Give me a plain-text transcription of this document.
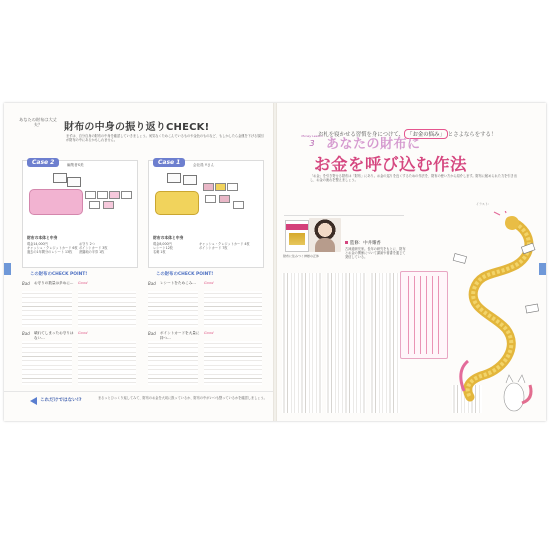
あなたの財布は大丈夫？	財布の中身の振り返りCHECK!
まずは、自分自身の財布の中身を確認していきましょう。何気なくためこんでいるものや金色のものなど、もしかしたら金運を下げる原因が財布の中にあるかもしれません。
Case 2	編集者S美
財布の本体と中身
現金14,000円
キャッシュ・クレジットカード 6枚
過去の1年間分のレシート 13枚
お守り 2つ
ポイントカード 3枚
遊園地の半券 1枚
Case 1	会社員 Yさん
財布の本体と中身
現金8,000円
レシート12枚
名刺 1枚
キャッシュ・クレジットカード 4枚
ポイントカード 7枚
この財布のCHECK POINT!	この財布のCHECK POINT!
Bad お守りの数量は多めに… Good
Bad 壊れてしまったお守りはない…
Good
Bad レシートをためこみ…	Good
Bad ポイントカードを大量に持つ…
Good
これだけではない!?	まるっとひっくり返してみて、財布のお金を大切に扱っているか、財布の中がいつも整っているかを確認しましょう。
Money Lesson
3
お札を寝かせる習慣を身につけて、 「お金の悩み」 とさよならをする！
あなたの財布に
お金を呼び込む作法
「お金」を引き寄せる財布は「財布」にあり。お金の巡りを良くするための作法を、財布の使い方から紹介します。財布に秘められた力を引き出し、お金の流れを整えましょう。
イラスト：
監修：中井耀香
財布に住みつく神様の正体
古神道研究家。長年の研究をもとに、財布とお金の関係について講演や著書を通じて発信している。
